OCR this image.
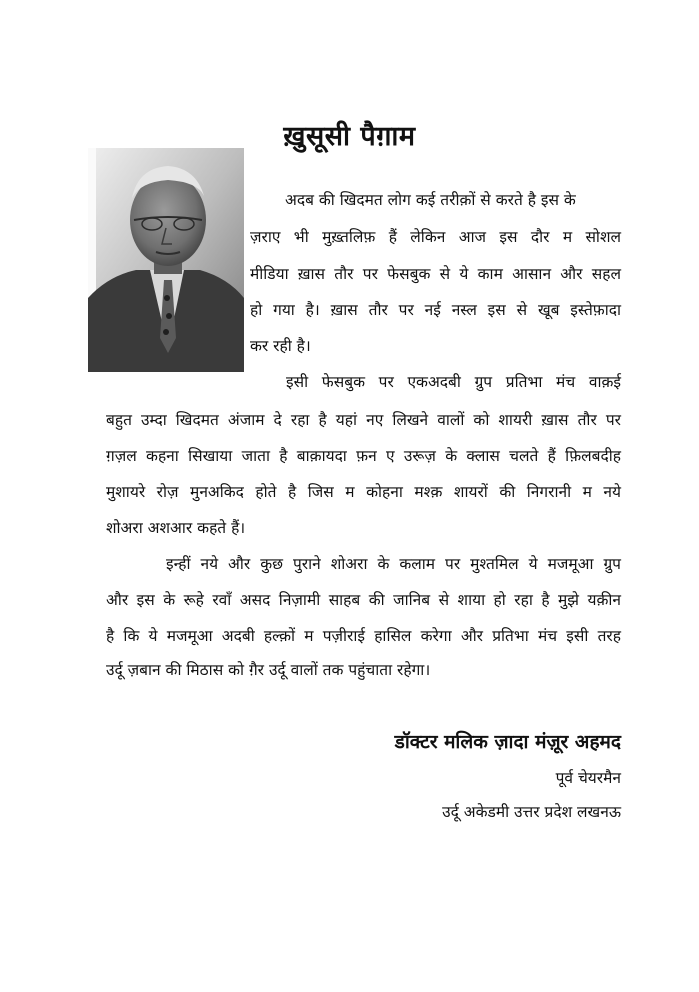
ख़ुसूसी पैग़ाम
अदब की खिदमत लोग कई तरीक़ों से करते है इस के
ज़राए भी मुख़्तलिफ़ हैं लेकिन आज इस दौर म सोशल
मीडिया ख़ास तौर पर फेसबुक से ये काम आसान और सहल
हो गया है। ख़ास तौर पर नई नस्ल इस से खूब इस्तेफ़ादा
कर रही है।
इसी फेसबुक पर एकअदबी ग्रुप प्रतिभा मंच वाक़ई
बहुत उम्दा खिदमत अंजाम दे रहा है यहां नए लिखने वालों को शायरी ख़ास तौर पर
ग़ज़ल कहना सिखाया जाता है बाक़ायदा फ़न ए उरूज़ के क्लास चलते हैं फ़िलबदीह
मुशायरे रोज़ मुनअकिद होते है जिस म कोहना मश्क़ शायरों की निगरानी म नये
शोअरा अशआर कहते हैं।
इन्हीं नये और कुछ पुराने शोअरा के कलाम पर मुश्तमिल ये मजमूआ ग्रुप
और इस के रूहे रवाँ असद निज़ामी साहब की जानिब से शाया हो रहा है मुझे यक़ीन
है कि ये मजमूआ अदबी हल्क़ों म पज़ीराई हासिल करेगा और प्रतिभा मंच इसी तरह
उर्दू ज़बान की मिठास को ग़ैर उर्दू वालों तक पहुंचाता रहेगा।
डॉक्टर मलिक ज़ादा मंज़ूर अहमद
पूर्व चेयरमैन
उर्दू अकेडमी उत्तर प्रदेश लखनऊ
